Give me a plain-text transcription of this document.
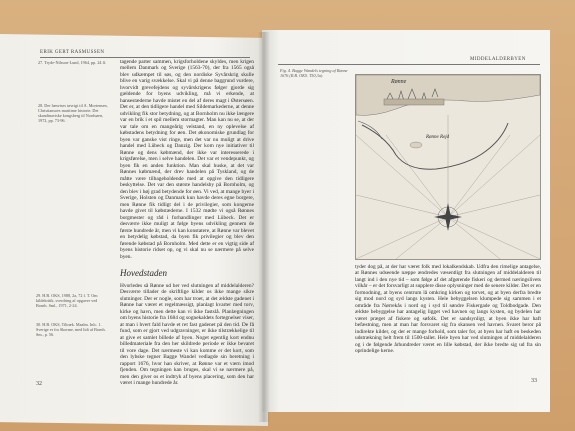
ERIK GERT RASMUSSEN
27. Tryde-Nilsson-Lund, 1964, pp. 24 ff.
28. Der henvises iøvrigt til A. Mortensen, Christiansoes maritime historie. Det skandinaviske kongsberg til Nordsøen, 1972, pp. 73-96.
29. H.B. OKS, 1988, 2a, 72 f. T. Om kildekritik, sverdring af opgaver ved Bornh. Sml., 1971, 2-24.
30. H.B. OKS, Tiltræk. Maalm. Inlc. 1. Sverige er fra Skorme, med lidt af Bornh. Sm., p. 56.
tagende parter sammen, krigsforholdene skyldes, men krigen mellem Danmark og Sverige (1563-70), der fra 1565 også blev udkæmpet til søs, og den nordiske Syvårskrig skulle blive en varig svækkelse. Skal vi på denne baggrund vurdere, hvorvidt grevefejdens og syvårskrigens følger gjorde sig gældende for byens udvikling, må vi erkende, at hansestæderne havde mistet en del af deres magt i Østersøen. Det er, at den tidligere handel med Sildemarkederne, at denne udvikling fik stor betydning, og at Bornholm nu ikke længere var en brik i et spil mellem stormagter. Man kan nu se, at der var tale om en mangeårig velstand, en ny oplevelse af købstadens betydning for øen. Det økonomiske grundlag for byen var ganske vist ringe, men det var nu muligt at drive handel med Lübeck og Danzig. Der kom nye initiativer til Rønne og dens købmænd, der ikke var interesserede i krigsførelse, men i selve handelen. Det var et vendepunkt, og byen fik en anden funktion. Man skal huske, at det var Rønnes købmænd, der drev handelen på Tyskland, og de måtte være tilbageholdende med at opgive den tidligere beskyttelse. Det var den største handelsby på Bornholm, og den blev i høj grad betydende for øen. Vi ved, at mange byer i Sverige, Holsten og Danmark kun havde deres egne borgere, men Rønne fik tidligt del i de privilegier, som kongerne havde givet til købstæderne. I 1532 mødte vi også Rønnes borgmester og råd i forhandlinger med Lübeck. Det er desværre ikke muligt at følge byens udvikling gennem de første hundrede år, men vi kan konstatere, at Rønne var blevet en betydelig købstad, da byen fik privilegier og blev den førende købstad på Bornholm. Med dette er en vigtig side af byens historie ridset op, og vi skal nu se nærmere på selve byen.
Hovedstaden
Hvorledes så Rønne ud her ved slutningen af middelalderen? Desværre tillader de skriftlige kilder os ikke mange sikre slutninger. Der er nogle, som har troet, at det ældste gadenet i Rønne har været et regelmæssigt, planlagt kvarter med torv, kirke og havn, men dette kan vi ikke fastslå. Planlægningen om byens historie fra 1684 og sognekaldets fortegnelser viser, at man i hvert fald havde et ret fast gadenet på den tid. De få fund, som er gjort ved udgravninger, er ikke tilstrækkelige til at give et samlet billede af byen. Noget egentlig kort endnu billedmateriale fra den her skildrede periode er ikke bevaret til vore dage. Det nærmeste vi kan komme er det kort, som den lybske tegner Bagge Wandel vedlagde sin beretning i rapport 1676, hvor han skriver, at Rønne var et værn imod fjenden. Om tegningen kan bruges, skal vi se nærmere på, men den giver os et indtryk af byens placering, som den har været i mange hundrede år.
32
MIDDELALDERBYEN
Fig. 4. Bagge Wandels tegning af Rønne 1676 (R.B. OKS. T50,3a).
Rønne
Rønne Rejd
tyder dog på, at der har været folk med lokalkendskab. Udfra den rimelige antagelse, at Rønnes udseende næppe ændredes væsentligt fra slutningen af middelalderen til langt ind i den nye tid – som følge af det afgørende fiskeri og dermed næringslivets vilkår – er det forsvarligt at supplere disse oplysninger med de senere kilder. Det er en formodning, at byens centrum lå omkring kirken og torvet, og at byen derfra bredte sig mod nord og syd langs kysten. Hele bebyggelsen klumpede sig sammen i et område fra Nørrekås i nord og i syd til søndre Fiskergade og Toldbodgade. Den ældste bebyggelse har antagelig ligget ved havnen og langs kysten, og bydelen har været præget af fiskere og søfolk. Det er sandsynligt, at byen ikke har haft befæstning, men at man har forsvaret sig fra skansen ved havnen. Svaret beror på indirekte kilder, og der er mange forhold, som taler for, at byen har haft en beskeden udstrækning helt frem til 1500-tallet. Hele byen har ved slutningen af middelalderen og i de følgende århundreder været en lille købstad, der ikke bredte sig ud fra sin oprindelige kerne.
33
